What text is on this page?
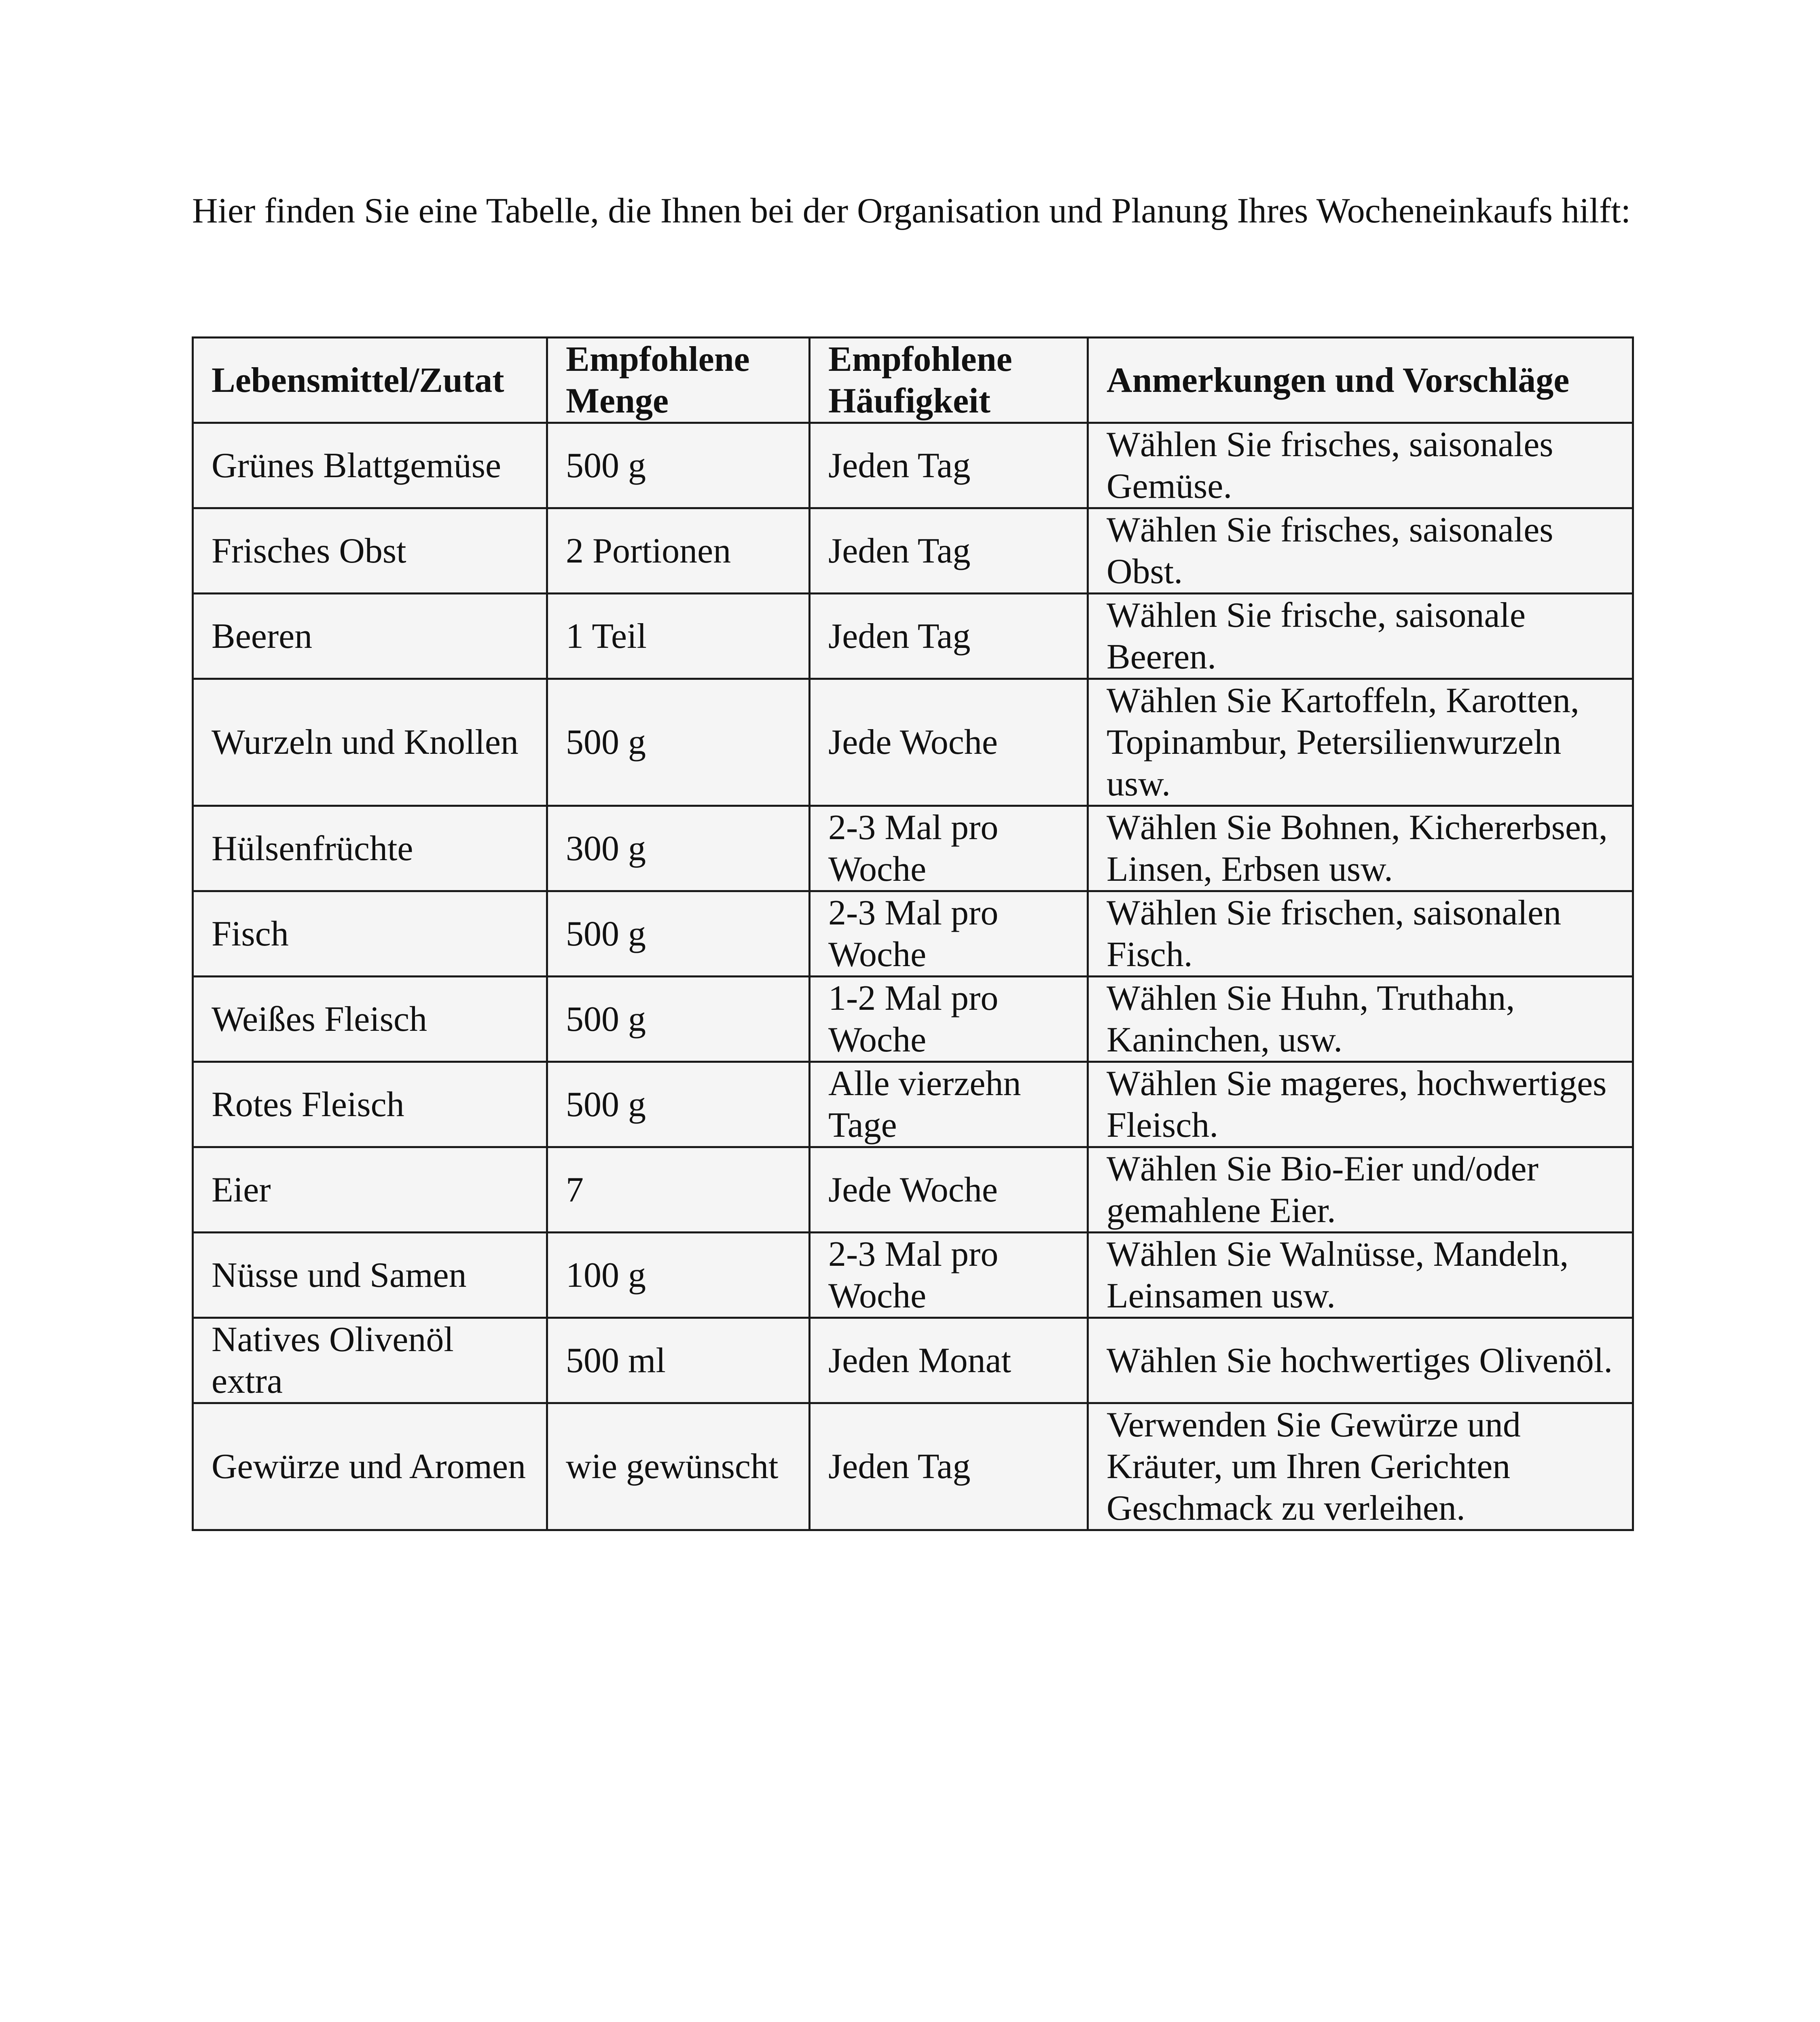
Hier finden Sie eine Tabelle, die Ihnen bei der Organisation und Planung Ihres Wocheneinkaufs hilft:

Lebensmittel/Zutat	Empfohlene Menge	Empfohlene Häufigkeit	Anmerkungen und Vorschläge
Grünes Blattgemüse	500 g	Jeden Tag	Wählen Sie frisches, saisonales Gemüse.
Frisches Obst	2 Portionen	Jeden Tag	Wählen Sie frisches, saisonales Obst.
Beeren	1 Teil	Jeden Tag	Wählen Sie frische, saisonale Beeren.
Wurzeln und Knollen	500 g	Jede Woche	Wählen Sie Kartoffeln, Karotten, Topinambur, Petersilienwurzeln usw.
Hülsenfrüchte	300 g	2-3 Mal pro Woche	Wählen Sie Bohnen, Kichererbsen, Linsen, Erbsen usw.
Fisch	500 g	2-3 Mal pro Woche	Wählen Sie frischen, saisonalen Fisch.
Weißes Fleisch	500 g	1-2 Mal pro Woche	Wählen Sie Huhn, Truthahn, Kaninchen, usw.
Rotes Fleisch	500 g	Alle vierzehn Tage	Wählen Sie mageres, hochwertiges Fleisch.
Eier	7	Jede Woche	Wählen Sie Bio-Eier und/oder gemahlene Eier.
Nüsse und Samen	100 g	2-3 Mal pro Woche	Wählen Sie Walnüsse, Mandeln, Leinsamen usw.
Natives Olivenöl extra	500 ml	Jeden Monat	Wählen Sie hochwertiges Olivenöl.
Gewürze und Aromen	wie gewünscht	Jeden Tag	Verwenden Sie Gewürze und Kräuter, um Ihren Gerichten Geschmack zu verleihen.
